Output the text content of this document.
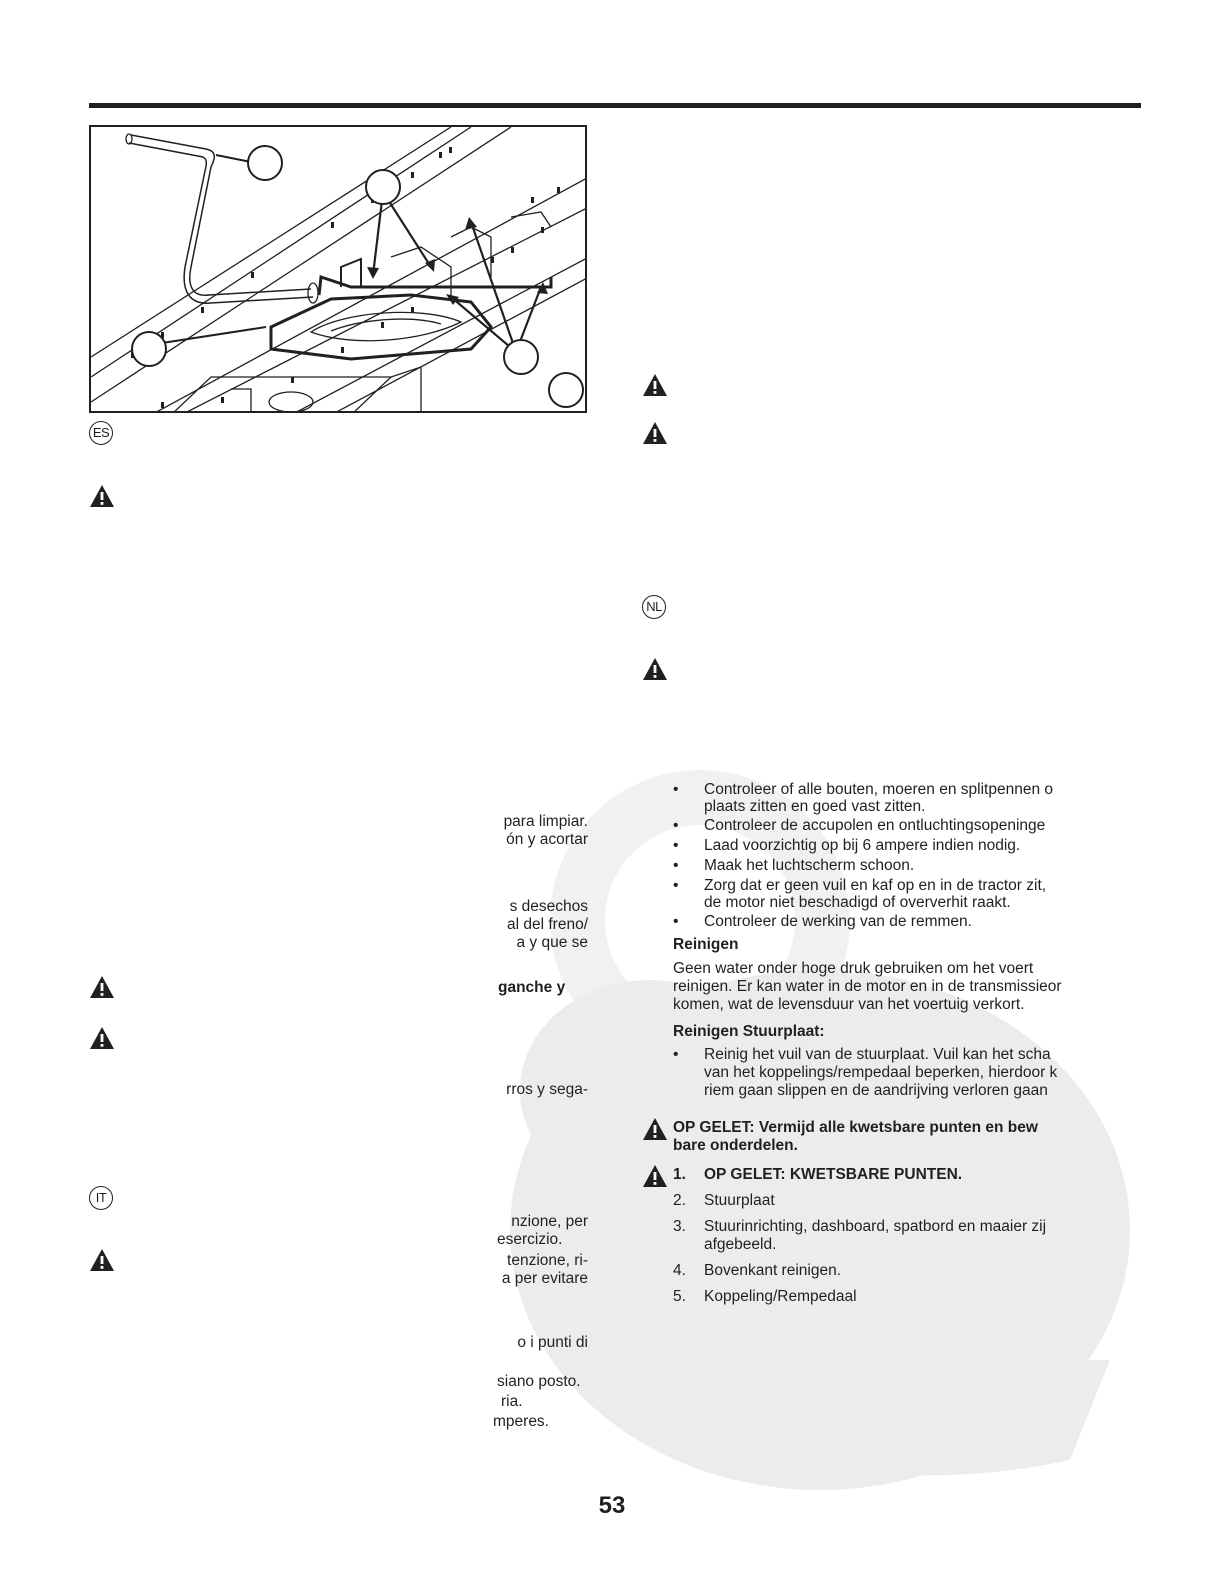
ES
para limpiar.
ón y acortar
s desechos
al del freno/
a y que se
ganche y
rros y sega-
IT
nzione, per
esercizio.
tenzione, ri-
a per evitare
o i punti di
siano posto.
ria.
mperes.
NL
• Controleer of alle bouten, moeren en splitpennen o
plaats zitten en goed vast zitten.
• Controleer de accupolen en ontluchtingsopeninge
• Laad voorzichtig op bij 6 ampere indien nodig.
• Maak het luchtscherm schoon.
• Zorg dat er geen vuil en kaf op en in de tractor zit,
de motor niet beschadigd of oververhit raakt.
• Controleer de werking van de remmen.
Reinigen
Geen water onder hoge druk gebruiken om het voert
reinigen. Er kan water in de motor en in de transmissieor
komen, wat de levensduur van het voertuig verkort.
Reinigen Stuurplaat:
• Reinig het vuil van de stuurplaat. Vuil kan het scha
van het koppelings/rempedaal beperken, hierdoor k
riem gaan slippen en de aandrijving verloren gaan
OP GELET: Vermijd alle kwetsbare punten en bew
bare onderdelen.
1. OP GELET: KWETSBARE PUNTEN.
2. Stuurplaat
3. Stuurinrichting, dashboard, spatbord en maaier zij
afgebeeld.
4. Bovenkant reinigen.
5. Koppeling/Rempedaal
53
